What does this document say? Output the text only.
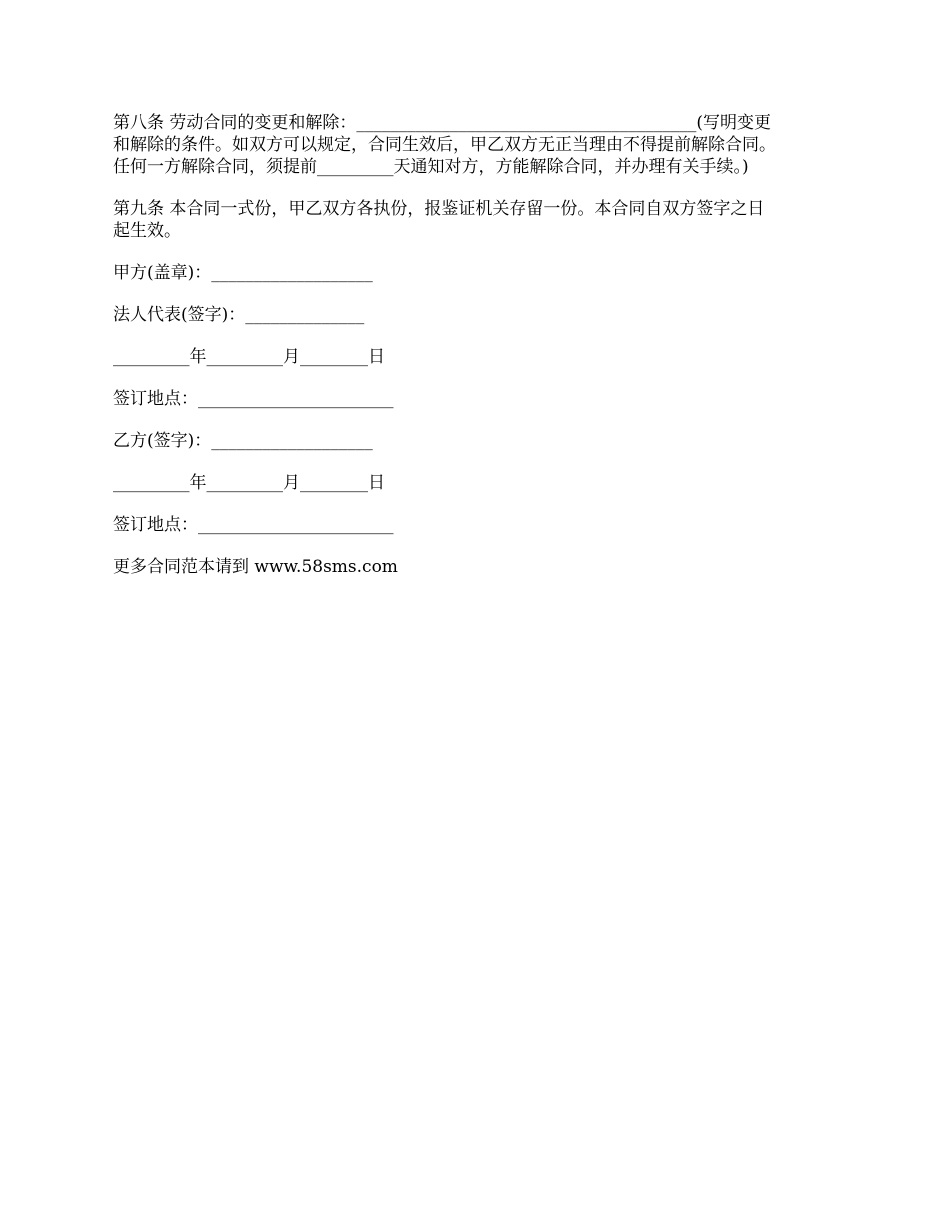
第八条 劳动合同的变更和解除：________________________________________(写明变更
和解除的条件。如双方可以规定，合同生效后，甲乙双方无正当理由不得提前解除合同。
任何一方解除合同，须提前_________天通知对方，方能解除合同，并办理有关手续。)
第九条 本合同一式份，甲乙双方各执份，报鉴证机关存留一份。本合同自双方签字之日
起生效。
甲方(盖章)：___________________
法人代表(签字)：______________
_________年_________月________日
签订地点：_______________________
乙方(签字)：___________________
_________年_________月________日
签订地点：_______________________
更多合同范本请到 www.58sms.com
